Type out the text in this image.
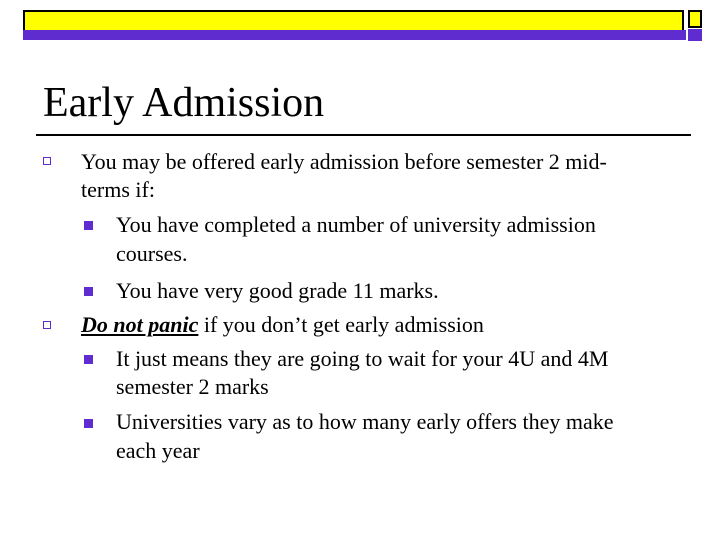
Early Admission
You may be offered early admission before semester 2 mid-
terms if:
You have completed a number of university admission
courses.
You have very good grade 11 marks.
Do not panic if you don’t get early admission
It just means they are going to wait for your 4U and 4M
semester 2 marks
Universities vary as to how many early offers they make
each year
